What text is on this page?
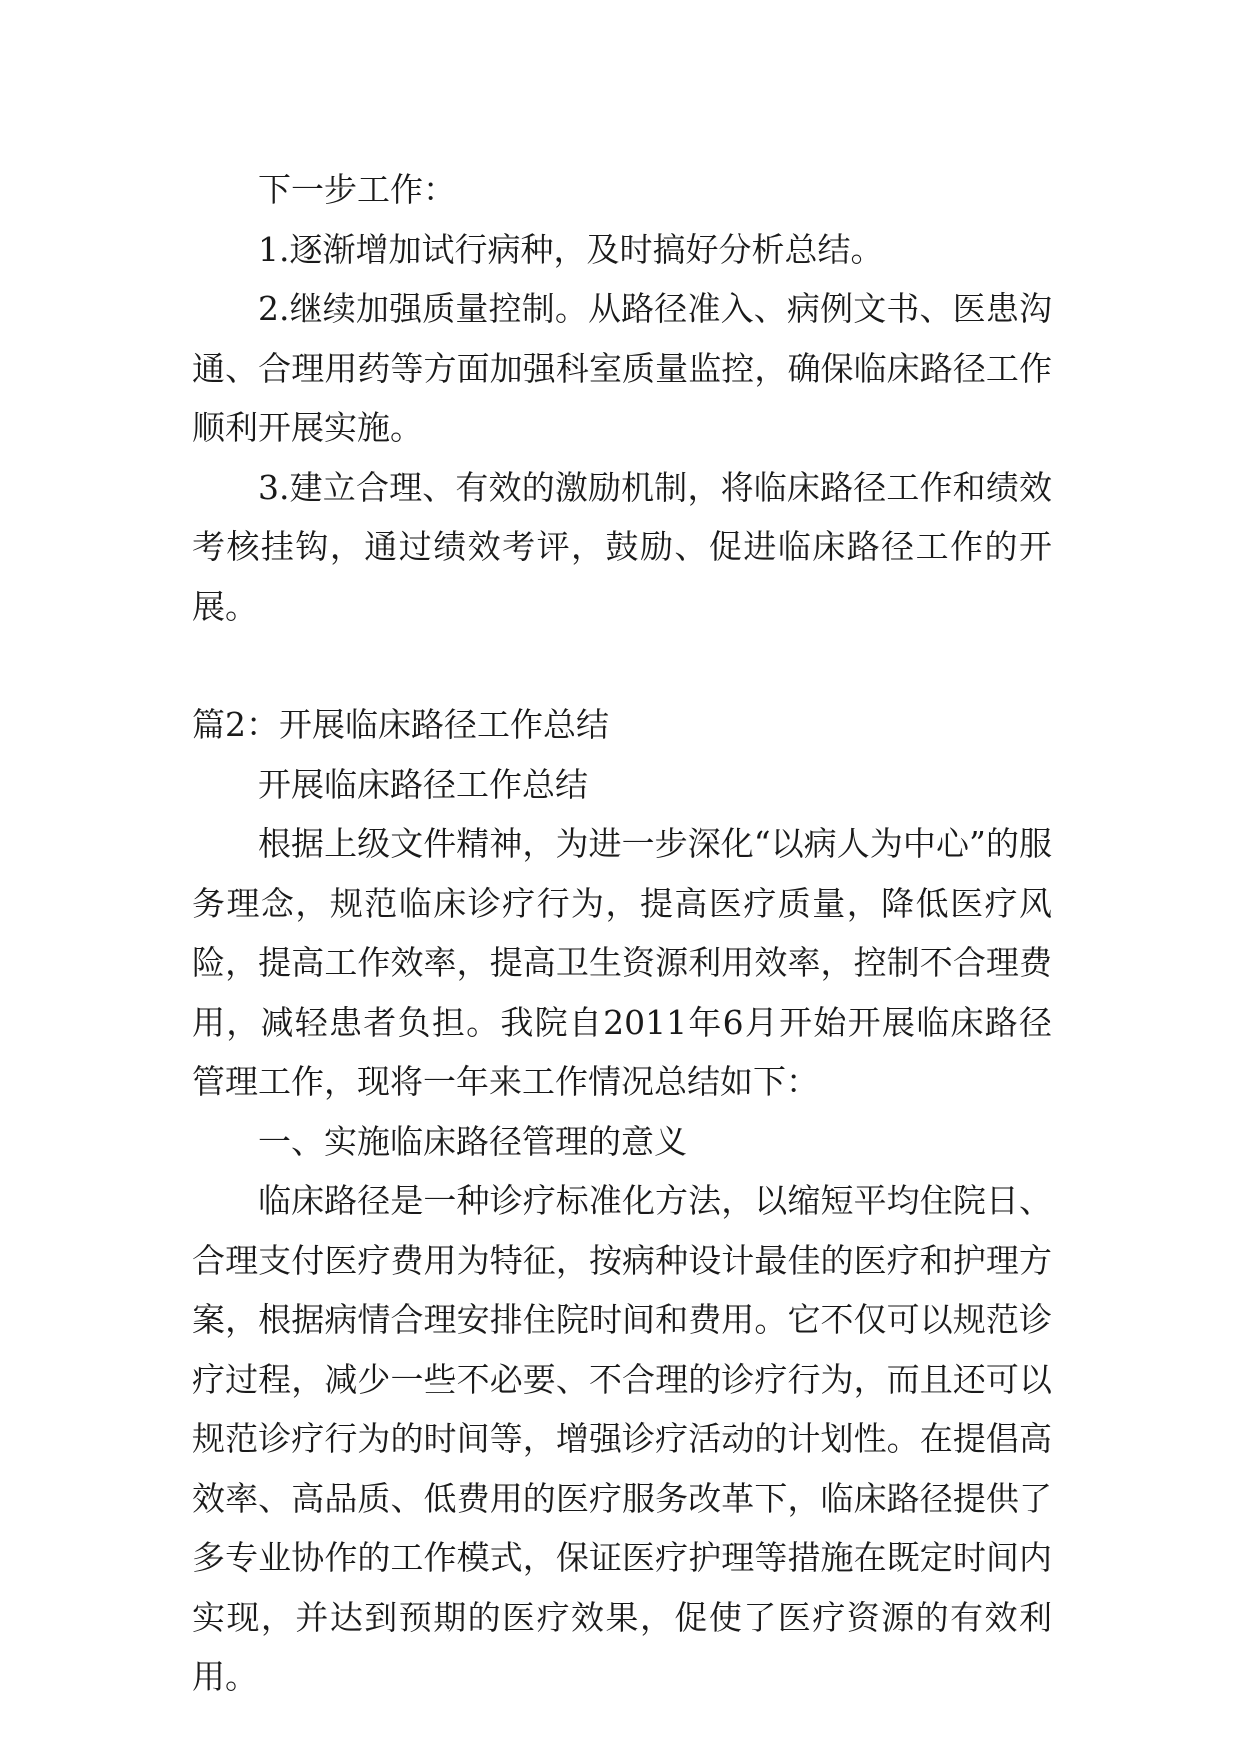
下一步工作：

1.逐渐增加试行病种，及时搞好分析总结。

2.继续加强质量控制。从路径准入、病例文书、医患沟通、合理用药等方面加强科室质量监控，确保临床路径工作顺利开展实施。

3.建立合理、有效的激励机制，将临床路径工作和绩效考核挂钩，通过绩效考评，鼓励、促进临床路径工作的开展。

篇2：开展临床路径工作总结

开展临床路径工作总结

根据上级文件精神，为进一步深化“以病人为中心”的服务理念，规范临床诊疗行为，提高医疗质量，降低医疗风险，提高工作效率，提高卫生资源利用效率，控制不合理费用，减轻患者负担。我院自2011年6月开始开展临床路径管理工作，现将一年来工作情况总结如下：

一、实施临床路径管理的意义

临床路径是一种诊疗标准化方法，以缩短平均住院日、合理支付医疗费用为特征，按病种设计最佳的医疗和护理方案，根据病情合理安排住院时间和费用。它不仅可以规范诊疗过程，减少一些不必要、不合理的诊疗行为，而且还可以规范诊疗行为的时间等，增强诊疗活动的计划性。在提倡高效率、高品质、低费用的医疗服务改革下，临床路径提供了多专业协作的工作模式，保证医疗护理等措施在既定时间内实现，并达到预期的医疗效果，促使了医疗资源的有效利用。
